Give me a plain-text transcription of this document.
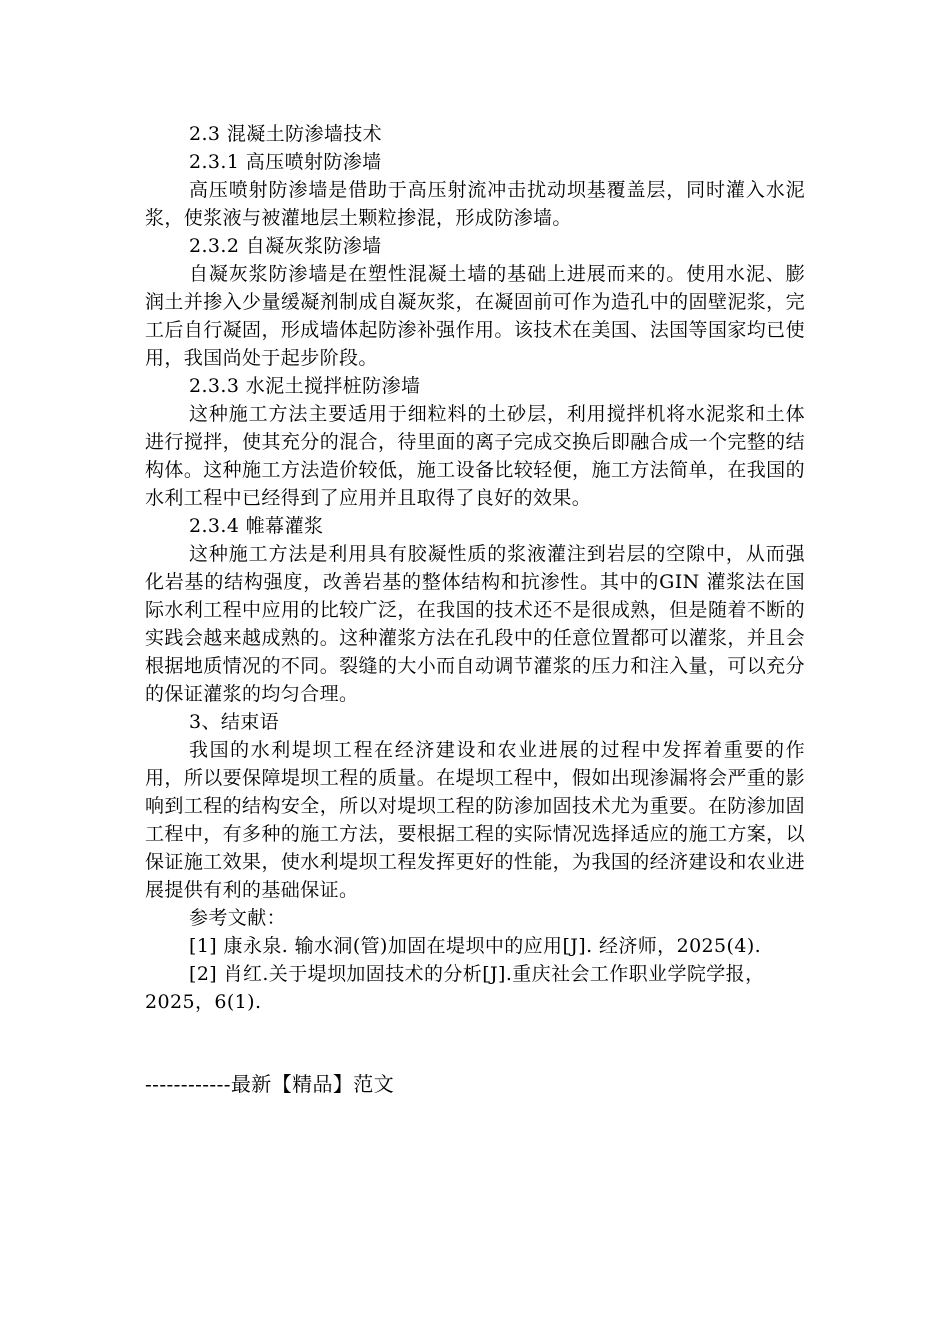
2.3 混凝土防渗墙技术

2.3.1 高压喷射防渗墙

高压喷射防渗墙是借助于高压射流冲击扰动坝基覆盖层，同时灌入水泥浆，使浆液与被灌地层土颗粒掺混，形成防渗墙。

2.3.2 自凝灰浆防渗墙

自凝灰浆防渗墙是在塑性混凝土墙的基础上进展而来的。使用水泥、膨润土并掺入少量缓凝剂制成自凝灰浆，在凝固前可作为造孔中的固壁泥浆，完工后自行凝固，形成墙体起防渗补强作用。该技术在美国、法国等国家均已使用，我国尚处于起步阶段。

2.3.3 水泥土搅拌桩防渗墙

这种施工方法主要适用于细粒料的土砂层，利用搅拌机将水泥浆和土体进行搅拌，使其充分的混合，待里面的离子完成交换后即融合成一个完整的结构体。这种施工方法造价较低，施工设备比较轻便，施工方法简单，在我国的水利工程中已经得到了应用并且取得了良好的效果。

2.3.4 帷幕灌浆

这种施工方法是利用具有胶凝性质的浆液灌注到岩层的空隙中，从而强化岩基的结构强度，改善岩基的整体结构和抗渗性。其中的GIN 灌浆法在国际水利工程中应用的比较广泛，在我国的技术还不是很成熟，但是随着不断的实践会越来越成熟的。这种灌浆方法在孔段中的任意位置都可以灌浆，并且会根据地质情况的不同。裂缝的大小而自动调节灌浆的压力和注入量，可以充分的保证灌浆的均匀合理。

3、结束语

我国的水利堤坝工程在经济建设和农业进展的过程中发挥着重要的作用，所以要保障堤坝工程的质量。在堤坝工程中，假如出现渗漏将会严重的影响到工程的结构安全，所以对堤坝工程的防渗加固技术尤为重要。在防渗加固工程中，有多种的施工方法，要根据工程的实际情况选择适应的施工方案，以保证施工效果，使水利堤坝工程发挥更好的性能，为我国的经济建设和农业进展提供有利的基础保证。

参考文献：

[1] 康永泉. 输水洞(管)加固在堤坝中的应用[J]. 经济师，2025(4).

[2] 肖红.关于堤坝加固技术的分析[J].重庆社会工作职业学院学报，2025，6(1).

------------最新【精品】范文
